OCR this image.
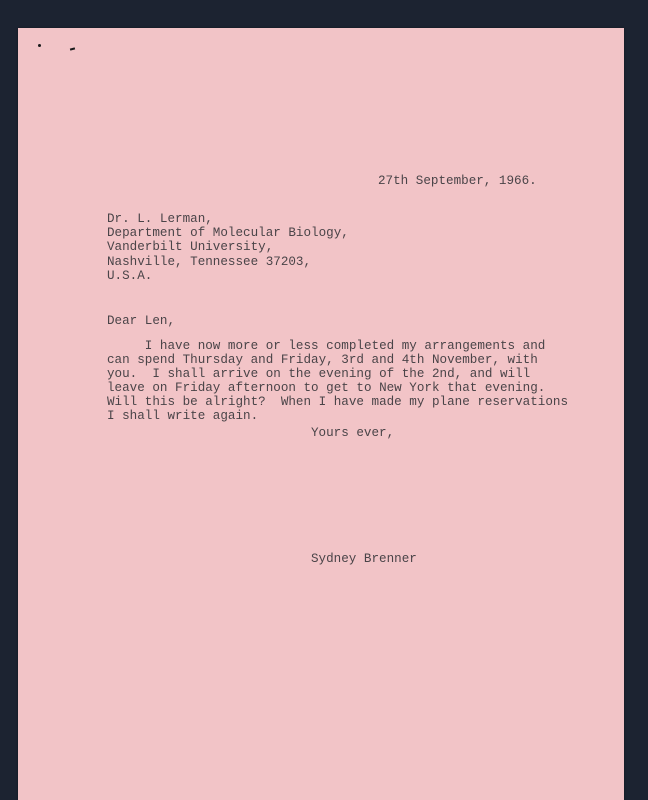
27th September, 1966.

Dr. L. Lerman,
Department of Molecular Biology,
Vanderbilt University,
Nashville, Tennessee 37203,
U.S.A.

Dear Len,

I have now more or less completed my arrangements and
can spend Thursday and Friday, 3rd and 4th November, with
you.  I shall arrive on the evening of the 2nd, and will
leave on Friday afternoon to get to New York that evening.
Will this be alright?  When I have made my plane reservations
I shall write again.

Yours ever,

Sydney Brenner
